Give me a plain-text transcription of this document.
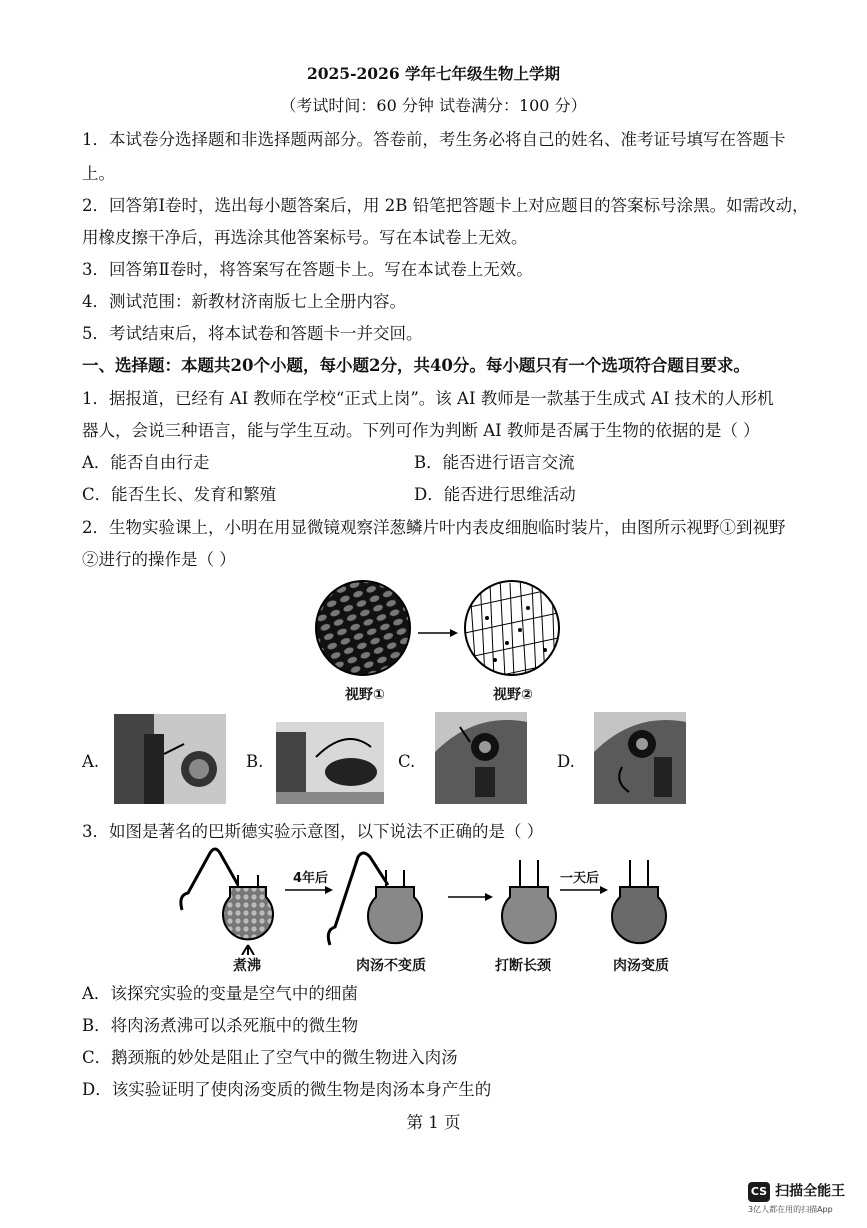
2025-2026 学年七年级生物上学期
（考试时间：60 分钟 试卷满分：100 分）
1．本试卷分选择题和非选择题两部分。答卷前，考生务必将自己的姓名、准考证号填写在答题卡
上。
2．回答第Ⅰ卷时，选出每小题答案后，用 2B 铅笔把答题卡上对应题目的答案标号涂黑。如需改动，
用橡皮擦干净后，再选涂其他答案标号。写在本试卷上无效。
3．回答第Ⅱ卷时，将答案写在答题卡上。写在本试卷上无效。
4．测试范围：新教材济南版七上全册内容。
5．考试结束后，将本试卷和答题卡一并交回。
一、选择题：本题共20个小题，每小题2分，共40分。每小题只有一个选项符合题目要求。
1．据报道，已经有 AI 教师在学校“正式上岗”。该 AI 教师是一款基于生成式 AI 技术的人形机
器人，会说三种语言，能与学生互动。下列可作为判断 AI 教师是否属于生物的依据的是（ ）
A．能否自由行走	B．能否进行语言交流
C．能否生长、发育和繁殖	D．能否进行思维活动
2．生物实验课上，小明在用显微镜观察洋葱鳞片叶内表皮细胞临时装片，由图所示视野①到视野
②进行的操作是（ ）
视野①	视野②
A.	B.	C.	D.
3．如图是著名的巴斯德实验示意图，以下说法不正确的是（ ）
4年后	一天后
煮沸	肉汤不变质	打断长颈	肉汤变质
A．该探究实验的变量是空气中的细菌
B．将肉汤煮沸可以杀死瓶中的微生物
C．鹅颈瓶的妙处是阻止了空气中的微生物进入肉汤
D．该实验证明了使肉汤变质的微生物是肉汤本身产生的
第 1 页
CS 扫描全能王
3亿人都在用的扫描App
